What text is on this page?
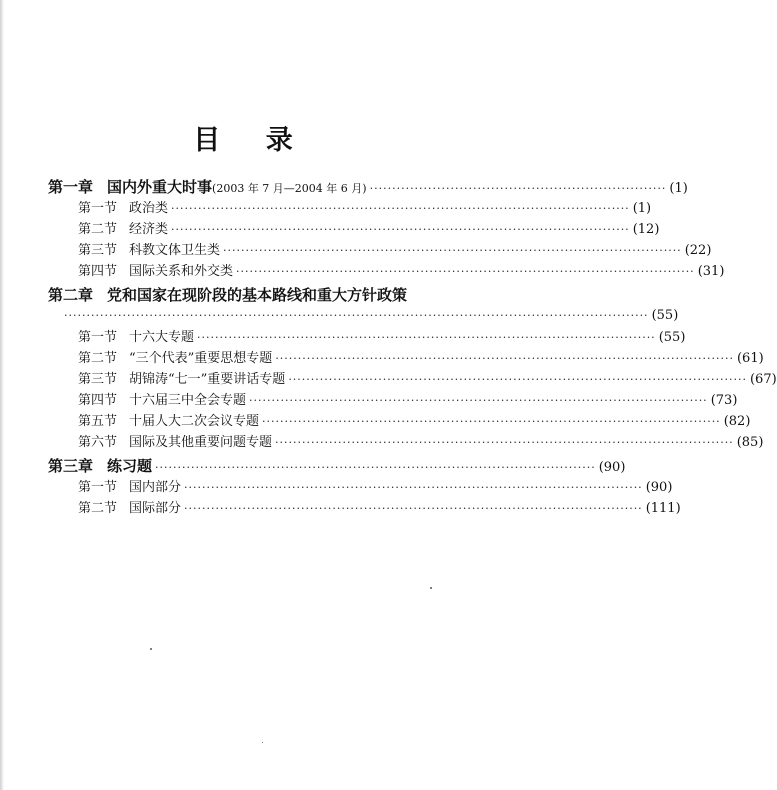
目 录
第一章 国内外重大时事(2003 年 7 月—2004 年 6 月) ·································································· ( 1 )
第一节 政治类 ······································································································ ( 1 )
第二节 经济类 ······································································································ ( 12 )
第三节 科教文体卫生类 ······································································································ ( 22 )
第四节 国际关系和外交类 ······································································································ ( 31 )
第二章 党和国家在现阶段的基本路线和重大方针政策
·································································································································· ( 55 )
第一节 十六大专题 ······································································································ ( 55 )
第二节 “三个代表”重要思想专题 ······································································································ ( 61 )
第三节 胡锦涛“七一”重要讲话专题 ······································································································ ( 67 )
第四节 十六届三中全会专题 ······································································································ ( 73 )
第五节 十届人大二次会议专题 ······································································································ ( 82 )
第六节 国际及其他重要问题专题 ······································································································ ( 85 )
第三章 练习题 ·································································································· ( 90 )
第一节 国内部分 ······································································································ ( 90 )
第二节 国际部分 ······································································································ ( 111 )
